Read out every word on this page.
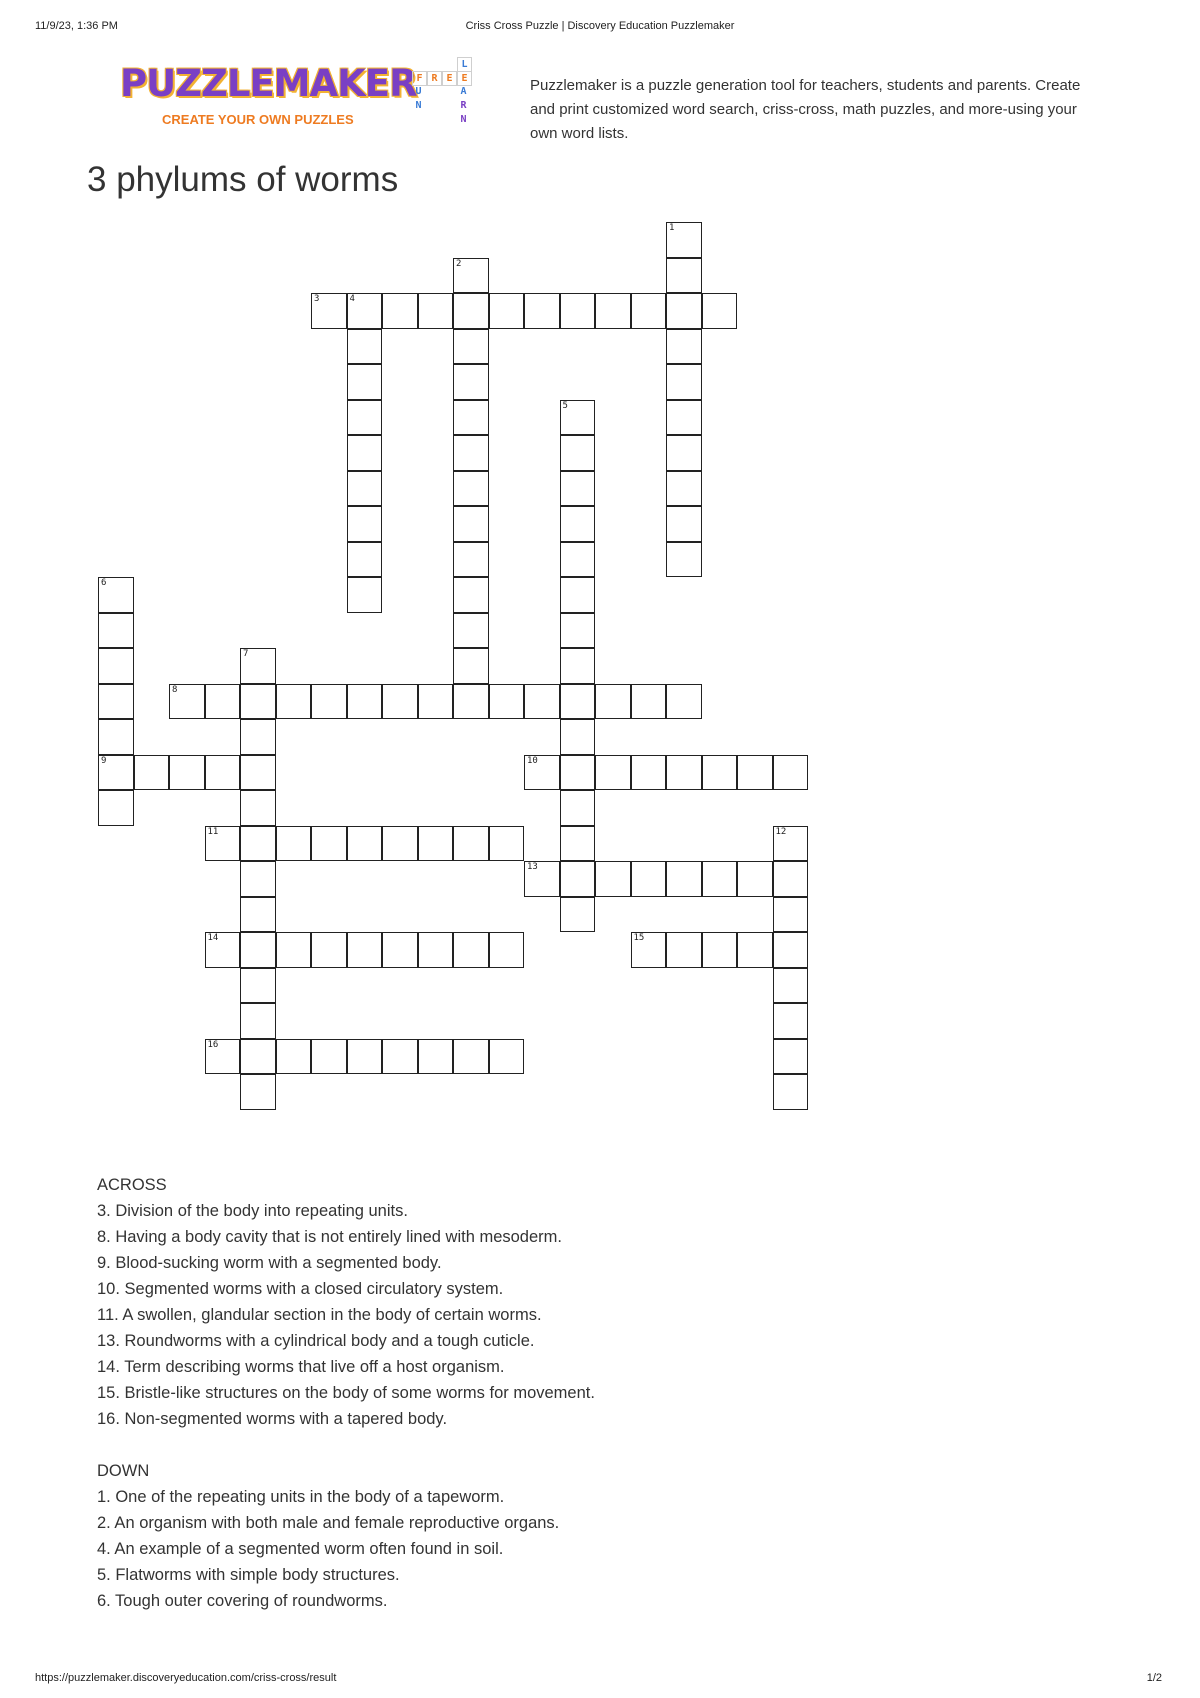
11/9/23, 1:36 PM	Criss Cross Puzzle | Discovery Education Puzzlemaker
PUZZLEMAKER
CREATE YOUR OWN PUZZLES
F R E E
L
U
N
A
R
N
Puzzlemaker is a puzzle generation tool for teachers, students and parents. Create and print customized word search, criss-cross, math puzzles, and more-using your own word lists.
3 phylums of worms
1
2
3	4
5
6
9
7
8
10
11	12
13
14	15
16
ACROSS
3. Division of the body into repeating units.
8. Having a body cavity that is not entirely lined with mesoderm.
9. Blood-sucking worm with a segmented body.
10. Segmented worms with a closed circulatory system.
11. A swollen, glandular section in the body of certain worms.
13. Roundworms with a cylindrical body and a tough cuticle.
14. Term describing worms that live off a host organism.
15. Bristle-like structures on the body of some worms for movement.
16. Non-segmented worms with a tapered body.
DOWN
1. One of the repeating units in the body of a tapeworm.
2. An organism with both male and female reproductive organs.
4. An example of a segmented worm often found in soil.
5. Flatworms with simple body structures.
6. Tough outer covering of roundworms.
https://puzzlemaker.discoveryeducation.com/criss-cross/result	1/2
